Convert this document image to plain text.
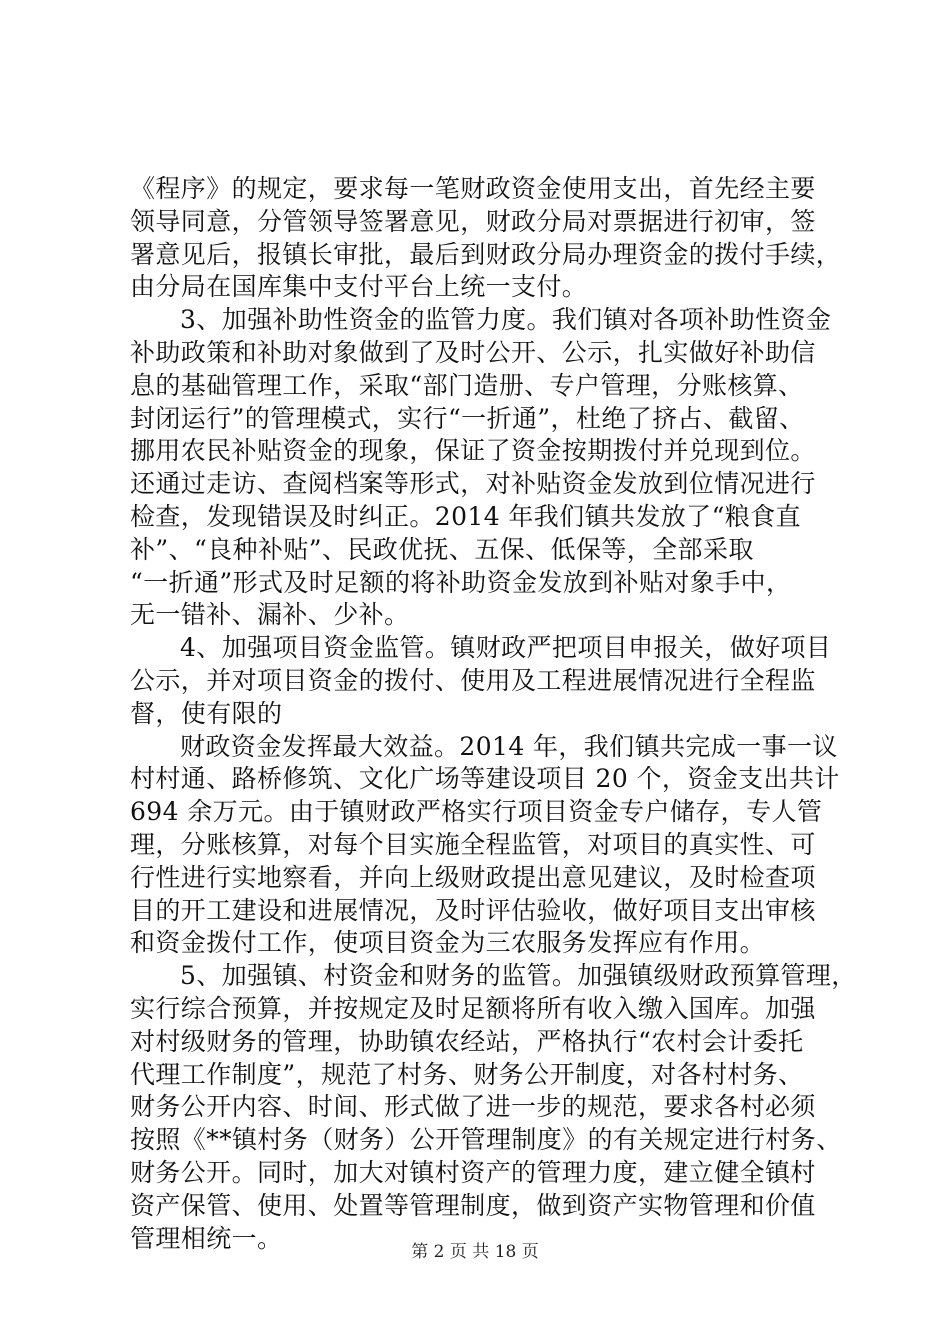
《程序》的规定，要求每一笔财政资金使用支出，首先经主要
领导同意，分管领导签署意见，财政分局对票据进行初审，签
署意见后，报镇长审批，最后到财政分局办理资金的拨付手续，
由分局在国库集中支付平台上统一支付。
3、加强补助性资金的监管力度。我们镇对各项补助性资金
补助政策和补助对象做到了及时公开、公示，扎实做好补助信
息的基础管理工作，采取“部门造册、专户管理，分账核算、
封闭运行”的管理模式，实行“一折通”，杜绝了挤占、截留、
挪用农民补贴资金的现象，保证了资金按期拨付并兑现到位。
还通过走访、查阅档案等形式，对补贴资金发放到位情况进行
检查，发现错误及时纠正。2014 年我们镇共发放了“粮食直
补”、“良种补贴”、民政优抚、五保、低保等，全部采取
“一折通”形式及时足额的将补助资金发放到补贴对象手中，
无一错补、漏补、少补。
4、加强项目资金监管。镇财政严把项目申报关，做好项目
公示，并对项目资金的拨付、使用及工程进展情况进行全程监
督，使有限的
财政资金发挥最大效益。2014 年，我们镇共完成一事一议
村村通、路桥修筑、文化广场等建设项目 20 个，资金支出共计
694 余万元。由于镇财政严格实行项目资金专户储存，专人管
理，分账核算，对每个目实施全程监管，对项目的真实性、可
行性进行实地察看，并向上级财政提出意见建议，及时检查项
目的开工建设和进展情况，及时评估验收，做好项目支出审核
和资金拨付工作，使项目资金为三农服务发挥应有作用。
5、加强镇、村资金和财务的监管。加强镇级财政预算管理，
实行综合预算，并按规定及时足额将所有收入缴入国库。加强
对村级财务的管理，协助镇农经站，严格执行“农村会计委托
代理工作制度”，规范了村务、财务公开制度，对各村村务、
财务公开内容、时间、形式做了进一步的规范，要求各村必须
按照《**镇村务（财务）公开管理制度》的有关规定进行村务、
财务公开。同时，加大对镇村资产的管理力度，建立健全镇村
资产保管、使用、处置等管理制度，做到资产实物管理和价值
管理相统一。	第 2 页 共 18 页
